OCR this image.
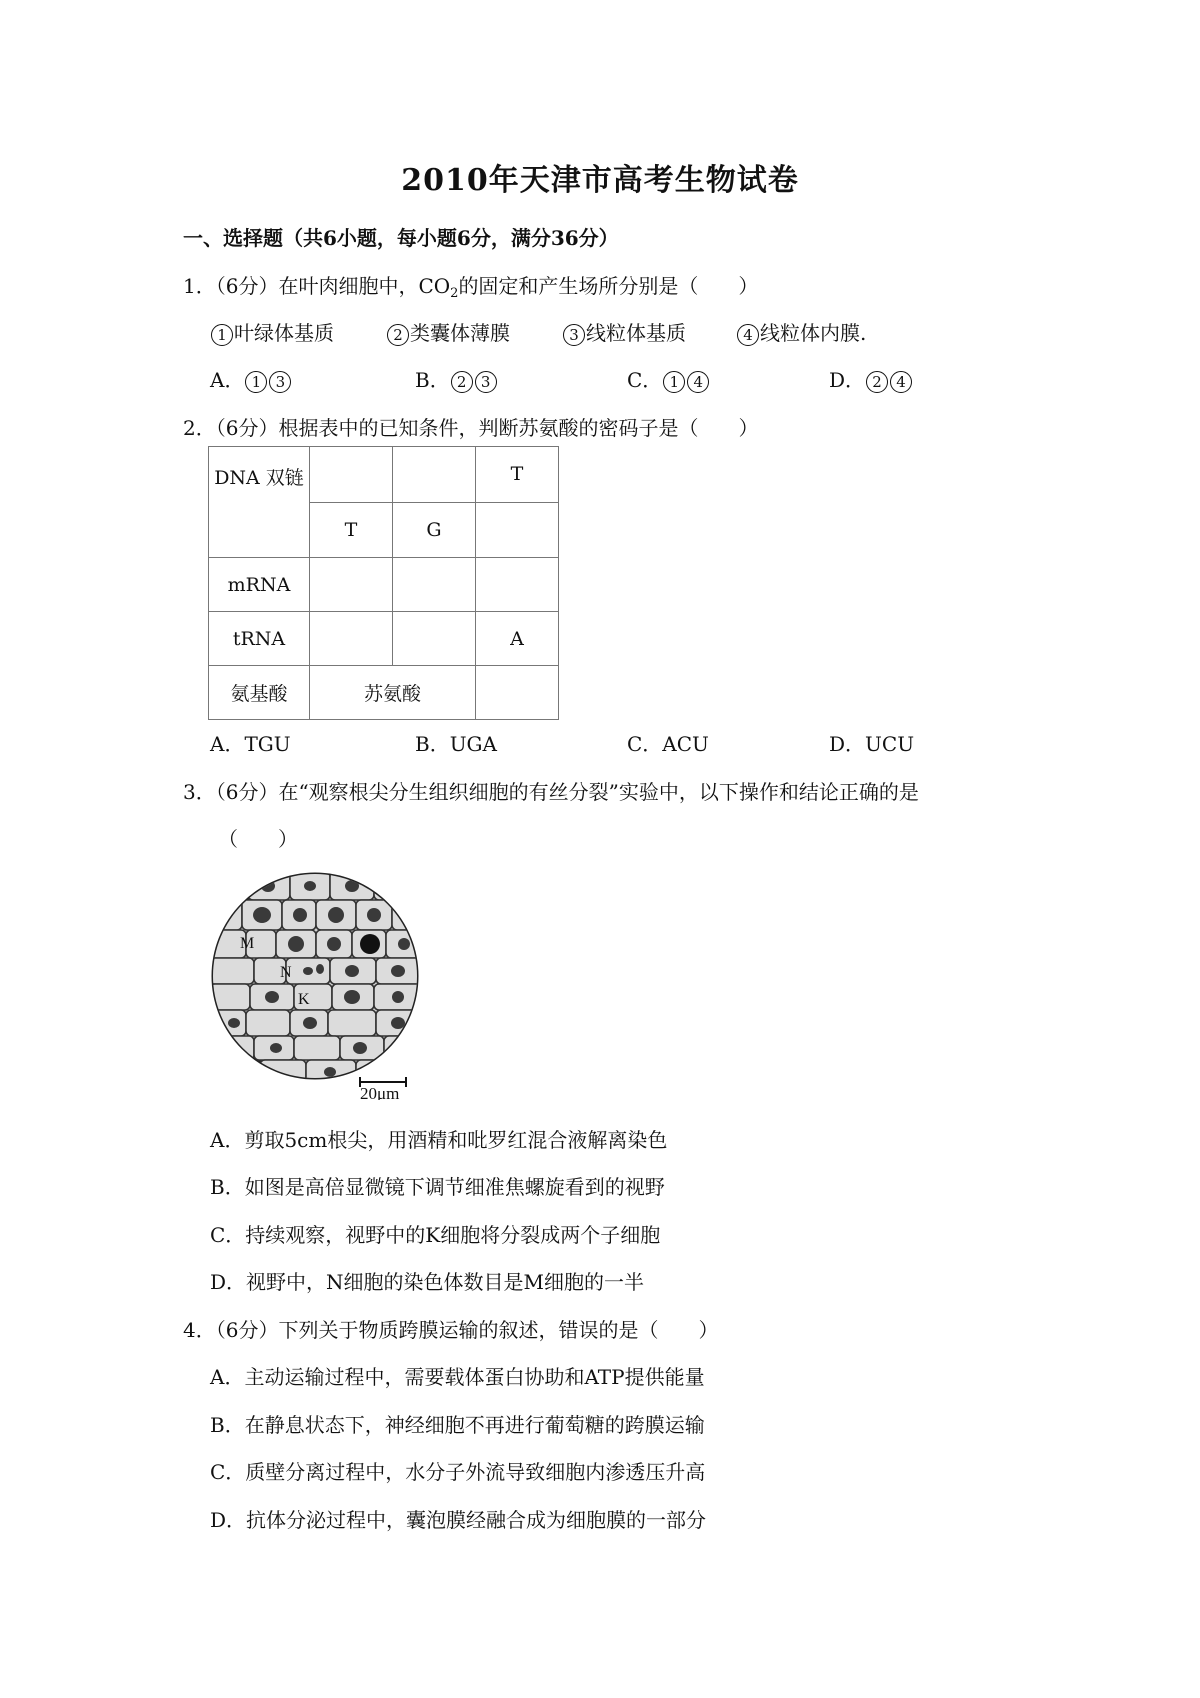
2010年天津市高考生物试卷
一、选择题（共6小题，每小题6分，满分36分）
1．（6分）在叶肉细胞中，$CO_2$的固定和产生场所分别是（　　）
1 叶绿体基质	2 类囊体薄膜	3 线粒体基质	4 线粒体内膜.
A． 1 3	B． 2 3	C． 1 4	D． 2 4
2．（6分）根据表中的已知条件，判断苏氨酸的密码子是（　　）
DNA 双链			T
	T	G	
mRNA			
tRNA			A
氨基酸	苏氨酸		
A．TGU	B．UGA	C．ACU	D．UCU
3．（6分）在“观察根尖分生组织细胞的有丝分裂”实验中，以下操作和结论正确的是
（　　）
M
N
K
20μm
A．剪取5cm根尖，用酒精和吡罗红混合液解离染色
B．如图是高倍显微镜下调节细准焦螺旋看到的视野
C．持续观察，视野中的K细胞将分裂成两个子细胞
D．视野中，N细胞的染色体数目是M细胞的一半
4．（6分）下列关于物质跨膜运输的叙述，错误的是（　　）
A．主动运输过程中，需要载体蛋白协助和ATP提供能量
B．在静息状态下，神经细胞不再进行葡萄糖的跨膜运输
C．质壁分离过程中，水分子外流导致细胞内渗透压升高
D．抗体分泌过程中，囊泡膜经融合成为细胞膜的一部分
